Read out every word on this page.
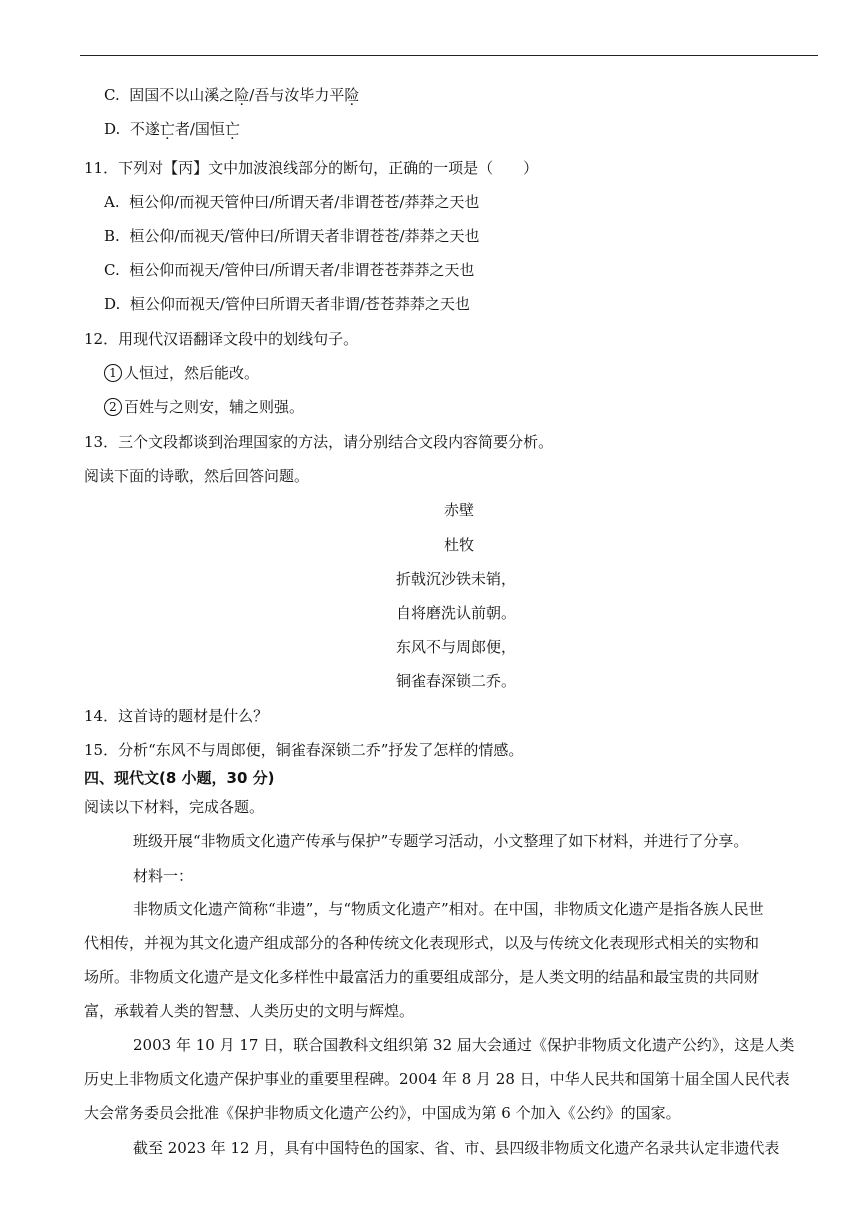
C. 固国不以山溪之险/吾与汝毕力平险
D. 不遂亡者/国恒亡
11．下列对【丙】文中加波浪线部分的断句，正确的一项是（　　）
A. 桓公仰/而视天管仲曰/所谓天者/非谓苍苍/莽莽之天也
B. 桓公仰/而视天/管仲曰/所谓天者非谓苍苍/莽莽之天也
C. 桓公仰而视天/管仲曰/所谓天者/非谓苍苍莽莽之天也
D. 桓公仰而视天/管仲曰所谓天者非谓/苍苍莽莽之天也
12．用现代汉语翻译文段中的划线句子。
1 人恒过，然后能改。
2 百姓与之则安，辅之则强。
13．三个文段都谈到治理国家的方法，请分别结合文段内容简要分析。
阅读下面的诗歌，然后回答问题。
赤壁
杜牧
折戟沉沙铁未销，
自将磨洗认前朝。
东风不与周郎便，
铜雀春深锁二乔。
14．这首诗的题材是什么？
15．分析“东风不与周郎便，铜雀春深锁二乔”抒发了怎样的情感。
四、现代文(8 小题，30 分)
阅读以下材料，完成各题。
班级开展“非物质文化遗产传承与保护”专题学习活动，小文整理了如下材料，并进行了分享。
材料一：
非物质文化遗产简称“非遗”，与“物质文化遗产”相对。在中国，非物质文化遗产是指各族人民世
代相传，并视为其文化遗产组成部分的各种传统文化表现形式，以及与传统文化表现形式相关的实物和
场所。非物质文化遗产是文化多样性中最富活力的重要组成部分，是人类文明的结晶和最宝贵的共同财
富，承载着人类的智慧、人类历史的文明与辉煌。
2003 年 10 月 17 日，联合国教科文组织第 32 届大会通过《保护非物质文化遗产公约》，这是人类
历史上非物质文化遗产保护事业的重要里程碑。2004 年 8 月 28 日，中华人民共和国第十届全国人民代表
大会常务委员会批准《保护非物质文化遗产公约》，中国成为第 6 个加入《公约》的国家。
截至 2023 年 12 月，具有中国特色的国家、省、市、县四级非物质文化遗产名录共认定非遗代表
